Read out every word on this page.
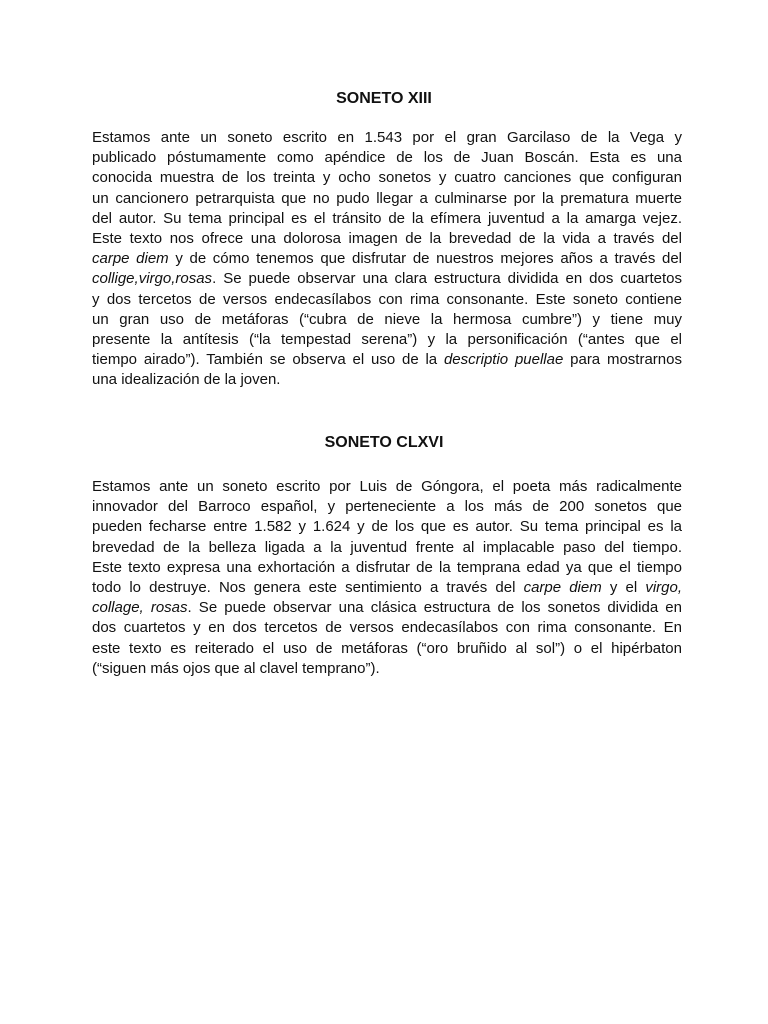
SONETO XIII
Estamos ante un soneto escrito en 1.543 por el gran Garcilaso de la Vega y
publicado póstumamente como apéndice de los de Juan Boscán. Esta es una
conocida muestra de los treinta y ocho sonetos y cuatro canciones que configuran
un cancionero petrarquista que no pudo llegar a culminarse por la prematura muerte
del autor. Su tema principal es el tránsito de la efímera juventud a la amarga vejez.
Este texto nos ofrece una dolorosa imagen de la brevedad de la vida a través del
carpe diem y de cómo tenemos que disfrutar de nuestros mejores años a través del
collige,virgo,rosas. Se puede observar una clara estructura dividida en dos cuartetos
y dos tercetos de versos endecasílabos con rima consonante. Este soneto contiene
un gran uso de metáforas (“cubra de nieve la hermosa cumbre”) y tiene muy
presente la antítesis (“la tempestad serena”) y la personificación (“antes que el
tiempo airado”). También se observa el uso de la descriptio puellae para mostrarnos
una idealización de la joven.
SONETO CLXVI
Estamos ante un soneto escrito por Luis de Góngora, el poeta más radicalmente
innovador del Barroco español, y perteneciente a los más de 200 sonetos que
pueden fecharse entre 1.582 y 1.624 y de los que es autor. Su tema principal es la
brevedad de la belleza ligada a la juventud frente al implacable paso del tiempo.
Este texto expresa una exhortación a disfrutar de la temprana edad ya que el tiempo
todo lo destruye. Nos genera este sentimiento a través del carpe diem y el virgo,
collage, rosas. Se puede observar una clásica estructura de los sonetos dividida en
dos cuartetos y en dos tercetos de versos endecasílabos con rima consonante. En
este texto es reiterado el uso de metáforas (“oro bruñido al sol”) o el hipérbaton
(“siguen más ojos que al clavel temprano”).
